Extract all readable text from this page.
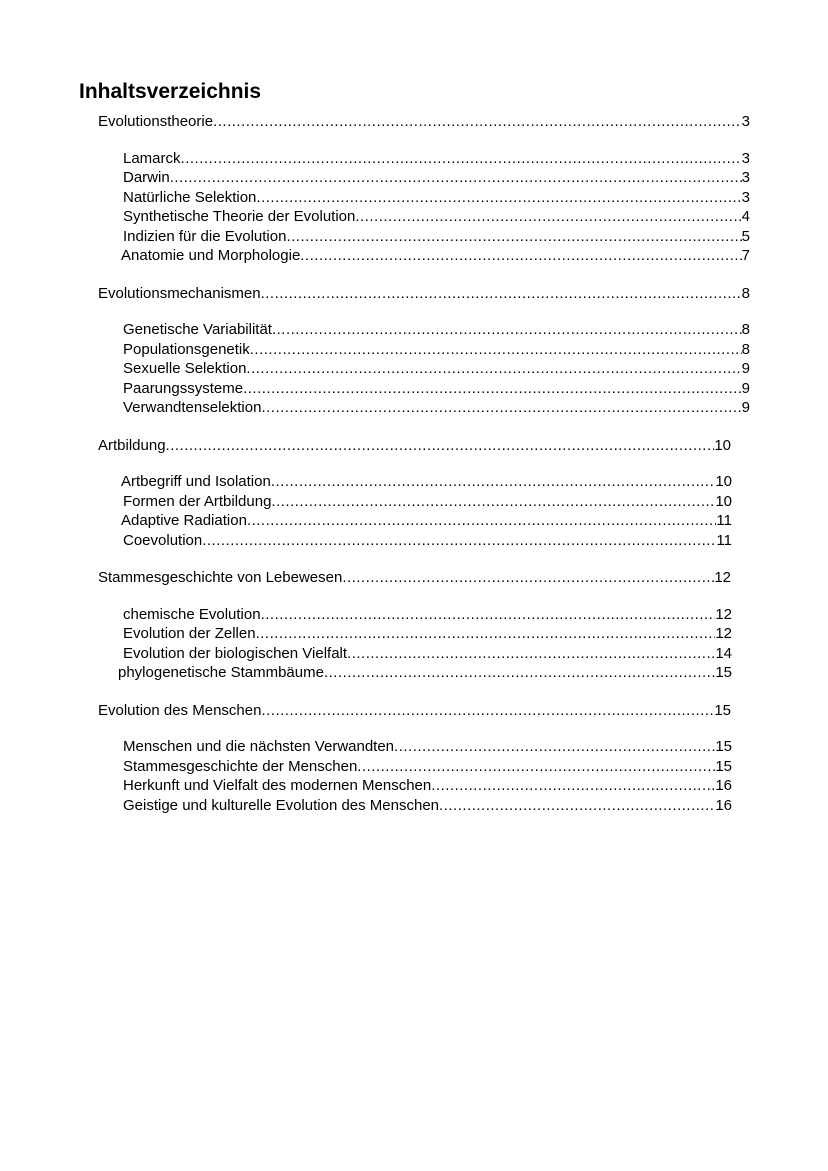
Inhaltsverzeichnis
Evolutionstheorie .....	3
Lamarck .....	3
Darwin .....	3
Natürliche Selektion .....	3
Synthetische Theorie der Evolution .....	4
Indizien für die Evolution .....	5
Anatomie und Morphologie .....	7
Evolutionsmechanismen .....	8
Genetische Variabilität .....	8
Populationsgenetik .....	8
Sexuelle Selektion .....	9
Paarungssysteme .....	9
Verwandtenselektion .....	9
Artbildung .....	10
Artbegriff und Isolation .....	10
Formen der Artbildung .....	10
Adaptive Radiation .....	11
Coevolution .....	11
Stammesgeschichte von Lebewesen .....	12
chemische Evolution .....	12
Evolution der Zellen .....	12
Evolution der biologischen Vielfalt .....	14
phylogenetische Stammbäume .....	15
Evolution des Menschen .....	15
Menschen und die nächsten Verwandten .....	15
Stammesgeschichte der Menschen .....	15
Herkunft und Vielfalt des modernen Menschen .....	16
Geistige und kulturelle Evolution des Menschen .....	16
